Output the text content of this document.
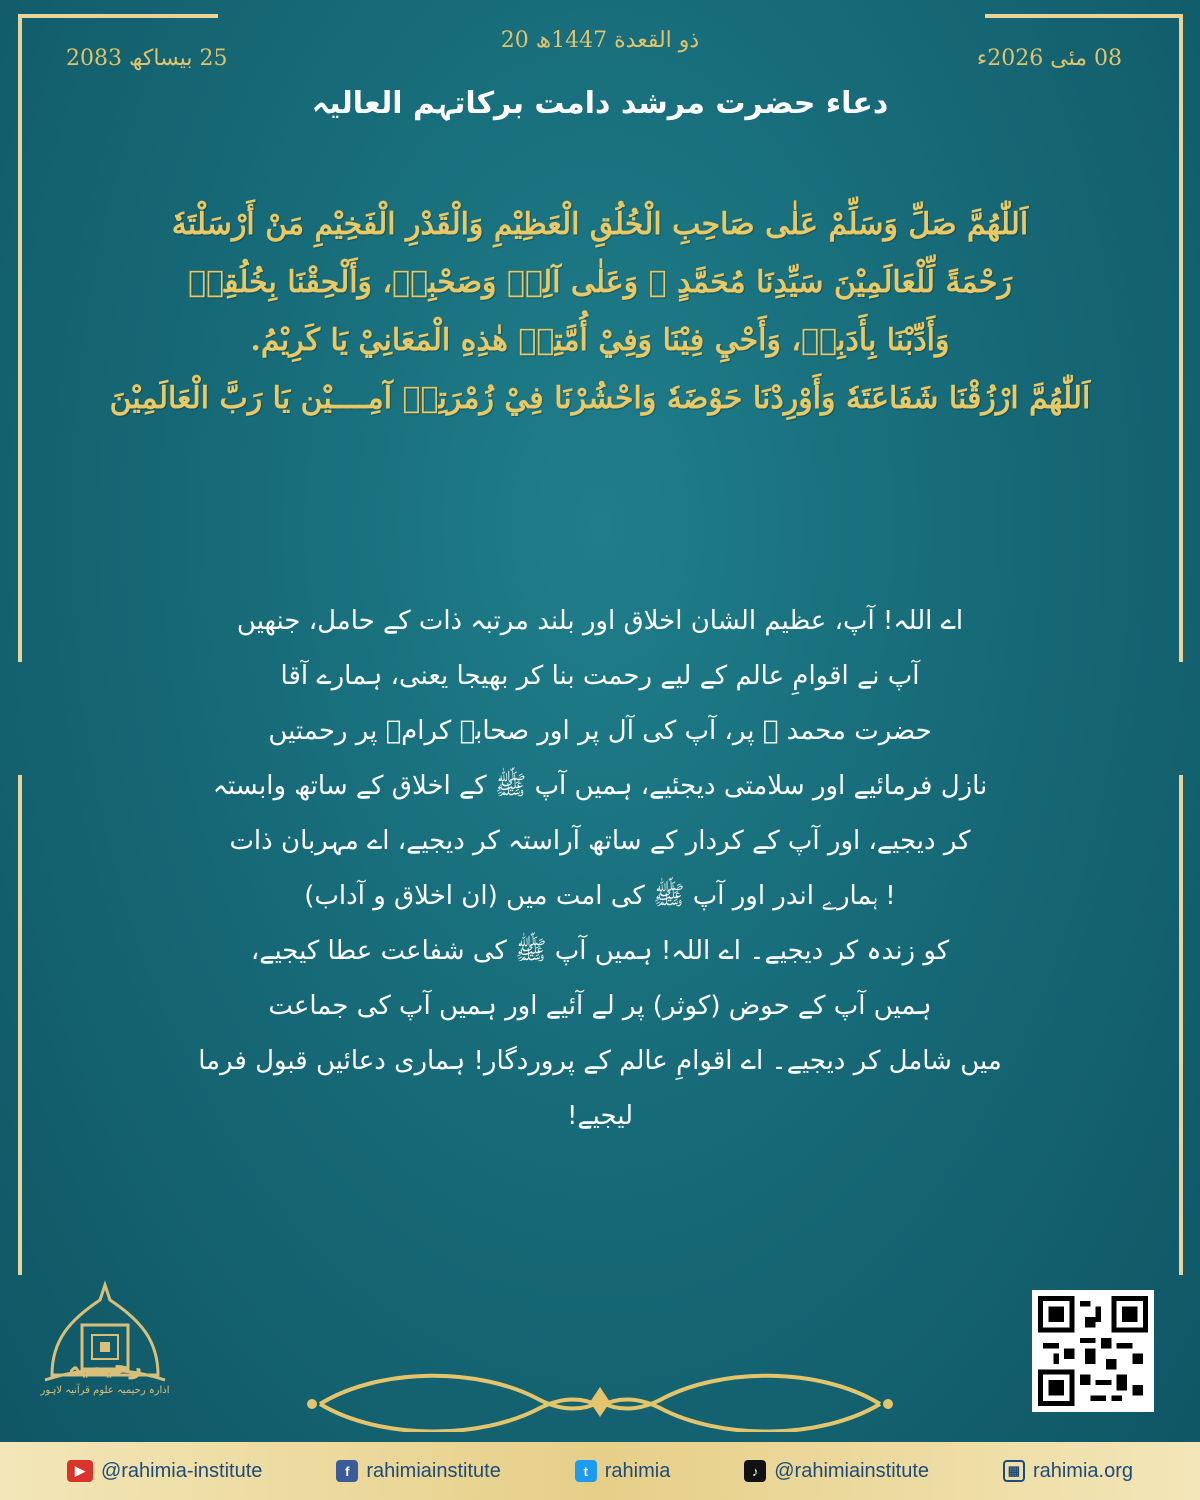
20 ذو القعدة 1447ھ
08 مئی 2026ء
25 بیساکھ 2083
دعاء حضرت مرشد دامت برکاتہم العالیہ
اَللّٰهُمَّ صَلِّ وَسَلِّمْ عَلٰى صَاحِبِ الْخُلُقِ الْعَظِيْمِ وَالْقَدْرِ الْفَخِيْمِ مَنْ أَرْسَلْتَهٗ
رَحْمَةً لِّلْعَالَمِيْنَ سَيِّدِنَا مُحَمَّدٍ ﷺ وَعَلٰى آلِهٖ وَصَحْبِهٖ، وَأَلْحِقْنَا بِخُلُقِهٖ
وَأَدِّبْنَا بِأَدَبِهٖ، وَأَحْيِ فِيْنَا وَفِيْ أُمَّتِهٖ هٰذِهِ الْمَعَانِيْ يَا كَرِيْمُ.
اَللّٰهُمَّ ارْزُقْنَا شَفَاعَتَهٗ وَأَوْرِدْنَا حَوْضَهٗ وَاحْشُرْنَا فِيْ زُمْرَتِهٖ آمِــــيْن يَا رَبَّ الْعَالَمِيْنَ
اے اللہ! آپ، عظیم الشان اخلاق اور بلند مرتبہ ذات کے حامل، جنھیں
آپ نے اقوامِ عالم کے لیے رحمت بنا کر بھیجا یعنی، ہمارے آقا
حضرت محمد ﷺ پر، آپ کی آل پر اور صحابہ کرامؓ پر رحمتیں
نازل فرمائیے اور سلامتی دیجئیے، ہمیں آپ ﷺ کے اخلاق کے ساتھ وابستہ
کر دیجیے، اور آپ کے کردار کے ساتھ آراستہ کر دیجیے، اے مہربان ذات
! ہمارے اندر اور آپ ﷺ کی امت میں (ان اخلاق و آداب)
کو زندہ کر دیجیے۔ اے اللہ! ہمیں آپ ﷺ کی شفاعت عطا کیجیے،
ہمیں آپ کے حوض (کوثر) پر لے آئیے اور ہمیں آپ کی جماعت
میں شامل کر دیجیے۔ اے اقوامِ عالم کے پروردگار! ہماری دعائیں قبول فرما
لیجیے!
رحیمیہ
ادارہ رحیمیہ علوم قرآنیہ لاہور
▶ @rahimia-institute	f rahimiainstitute	t rahimia	♪ @rahimiainstitute	▦ rahimia.org
